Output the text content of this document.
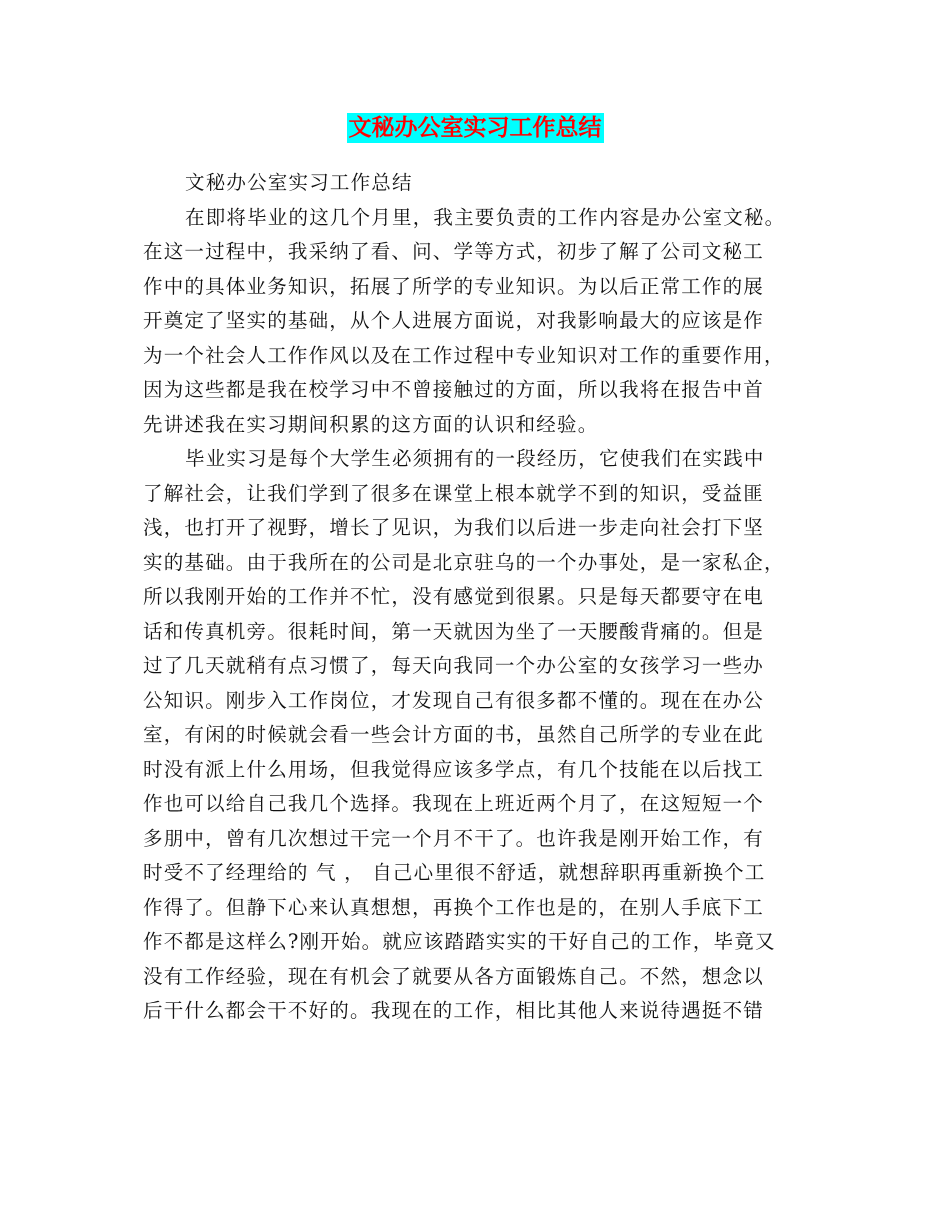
文秘办公室实习工作总结
文秘办公室实习工作总结
在即将毕业的这几个月里，我主要负责的工作内容是办公室文秘。
在这一过程中，我采纳了看、问、学等方式，初步了解了公司文秘工
作中的具体业务知识，拓展了所学的专业知识。为以后正常工作的展
开奠定了坚实的基础，从个人进展方面说，对我影响最大的应该是作
为一个社会人工作作风以及在工作过程中专业知识对工作的重要作用，
因为这些都是我在校学习中不曾接触过的方面，所以我将在报告中首
先讲述我在实习期间积累的这方面的认识和经验。
毕业实习是每个大学生必须拥有的一段经历，它使我们在实践中
了解社会，让我们学到了很多在课堂上根本就学不到的知识，受益匪
浅，也打开了视野，增长了见识，为我们以后进一步走向社会打下坚
实的基础。由于我所在的公司是北京驻乌的一个办事处，是一家私企，
所以我刚开始的工作并不忙，没有感觉到很累。只是每天都要守在电
话和传真机旁。很耗时间，第一天就因为坐了一天腰酸背痛的。但是
过了几天就稍有点习惯了，每天向我同一个办公室的女孩学习一些办
公知识。刚步入工作岗位，才发现自己有很多都不懂的。现在在办公
室，有闲的时候就会看一些会计方面的书，虽然自己所学的专业在此
时没有派上什么用场，但我觉得应该多学点，有几个技能在以后找工
作也可以给自己我几个选择。我现在上班近两个月了，在这短短一个
多朋中，曾有几次想过干完一个月不干了。也许我是刚开始工作，有
时受不了经理给的 气 ， 自己心里很不舒适，就想辞职再重新换个工
作得了。但静下心来认真想想，再换个工作也是的，在别人手底下工
作不都是这样么?刚开始。就应该踏踏实实的干好自己的工作，毕竟又
没有工作经验，现在有机会了就要从各方面锻炼自己。不然，想念以
后干什么都会干不好的。我现在的工作，相比其他人来说待遇挺不错
